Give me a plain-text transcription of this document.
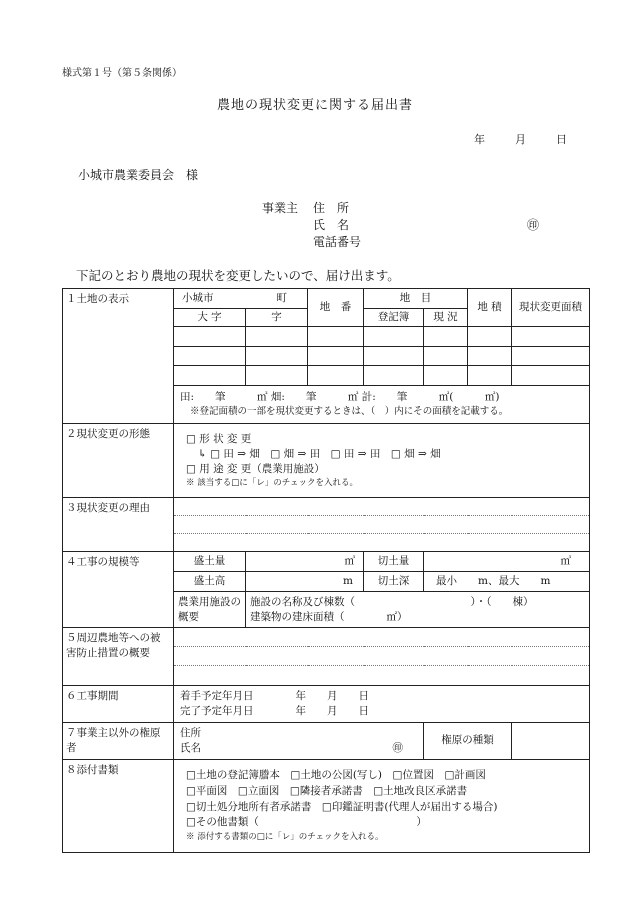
様式第１号（第５条関係）
農地の現状変更に関する届出書
年	月	日
小城市農業委員会　様
事業主 住　所
氏　名	㊞
電話番号
下記のとおり農地の現状を変更したいので、届け出ます。
１土地の表示	小城市 町		地　番	地　目		地 積	現状変更面積
	大 字	字		登記簿	現 況		

	田:　　筆　　　㎡ 畑:　　筆　　　㎡ 計:　　筆　　　㎡(　　　㎡)
※登記面積の一部を現状変更するときは、（　）内にその面積を記載する。						

２現状変更の形態	□ 形 状 変 更
↳ □ 田 ⇒ 畑　□ 畑 ⇒ 田　□ 田 ⇒ 田　□ 畑 ⇒ 畑
□ 用 途 変 更（農業用施設）
※ 該当する□に「レ」のチェックを入れる。						

３現状変更の理由							

４工事の規模等	盛土量	㎥		切土量	㎥		
	盛土高	m		切土深	最小　　m、最大　　m		
	農業用施設の概要	施設の名称及び棟数（　　　　　　　　　　　）・（　　棟）
建築物の建床面積（　　　　㎡）					

５周辺農地等への被害防止措置の概要							

６工事期間	着手予定年月日　　　　年　　月　　日
完了予定年月日　　　　年　　月　　日						

７事業主以外の権原者	住所
氏名 ㊞				権原の種類		
８添付書類	□土地の登記簿謄本　□土地の公図(写し)　□位置図　□計画図
□平面図　□立面図　□隣接者承諾書　□土地改良区承諾書
□切土処分地所有者承諾書　□印鑑証明書(代理人が届出する場合)
□その他書類（　　　　　　　　　　　　　　　）
※ 添付する書類の□に「レ」のチェックを入れる。						
